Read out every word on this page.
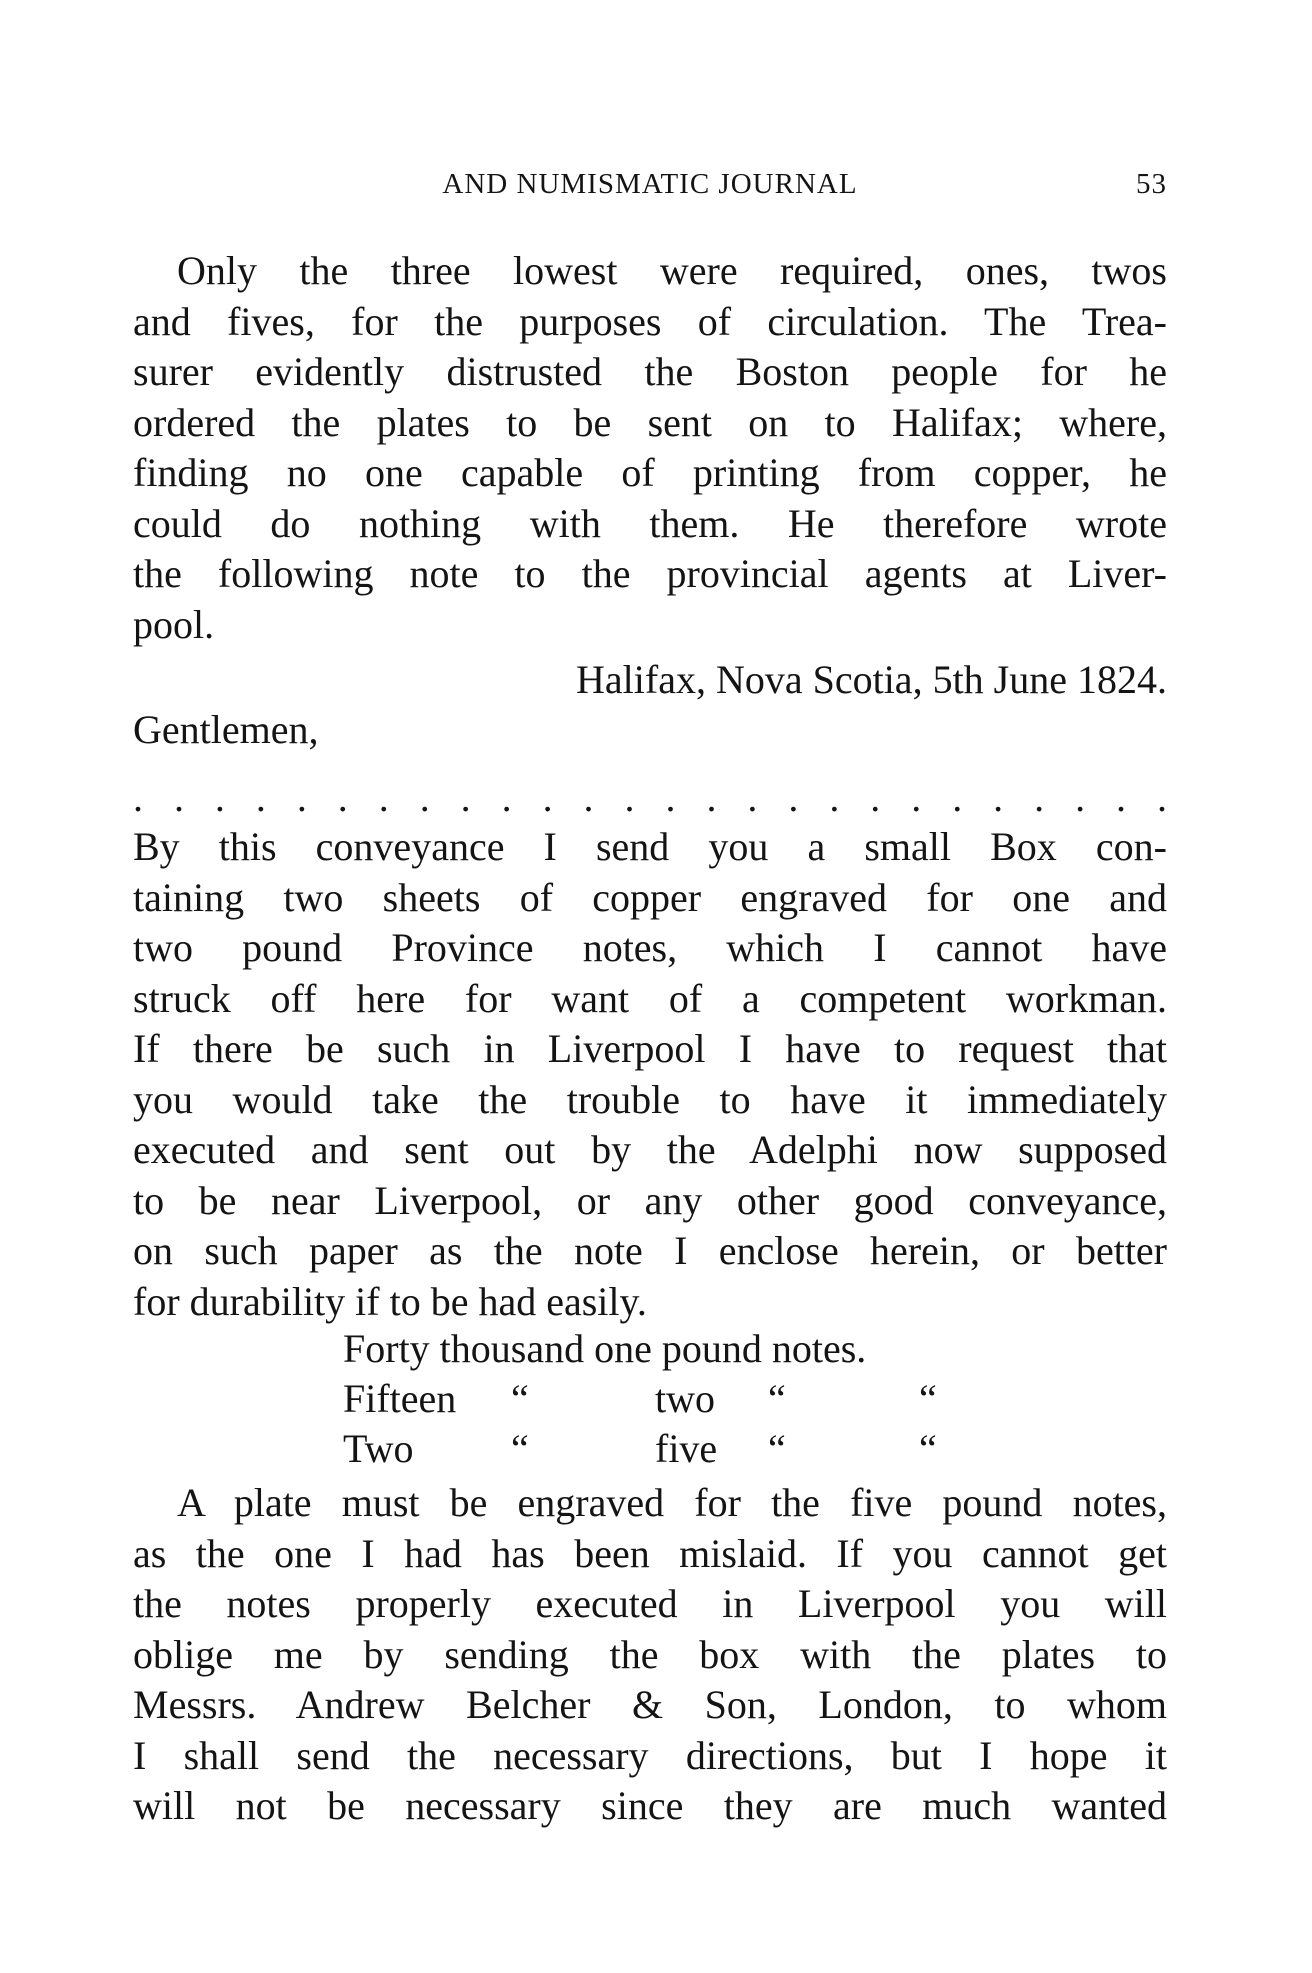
AND NUMISMATIC JOURNAL	53
Only the three lowest were required, ones, twos
and fives, for the purposes of circulation. The Trea-
surer evidently distrusted the Boston people for he
ordered the plates to be sent on to Halifax; where,
finding no one capable of printing from copper, he
could do nothing with them. He therefore wrote
the following note to the provincial agents at Liver-
pool.
Halifax, Nova Scotia, 5th June 1824.
Gentlemen,
. . . . . . . . . . . . . . . . . . . . . . . . . .
By this conveyance I send you a small Box con-
taining two sheets of copper engraved for one and
two pound Province notes, which I cannot have
struck off here for want of a competent workman.
If there be such in Liverpool I have to request that
you would take the trouble to have it immediately
executed and sent out by the Adelphi now supposed
to be near Liverpool, or any other good conveyance,
on such paper as the note I enclose herein, or better
for durability if to be had easily.
Forty thousand one pound notes.
Fifteen “	two “	“
Two “	five “	“
A plate must be engraved for the five pound notes,
as the one I had has been mislaid. If you cannot get
the notes properly executed in Liverpool you will
oblige me by sending the box with the plates to
Messrs. Andrew Belcher & Son, London, to whom
I shall send the necessary directions, but I hope it
will not be necessary since they are much wanted
